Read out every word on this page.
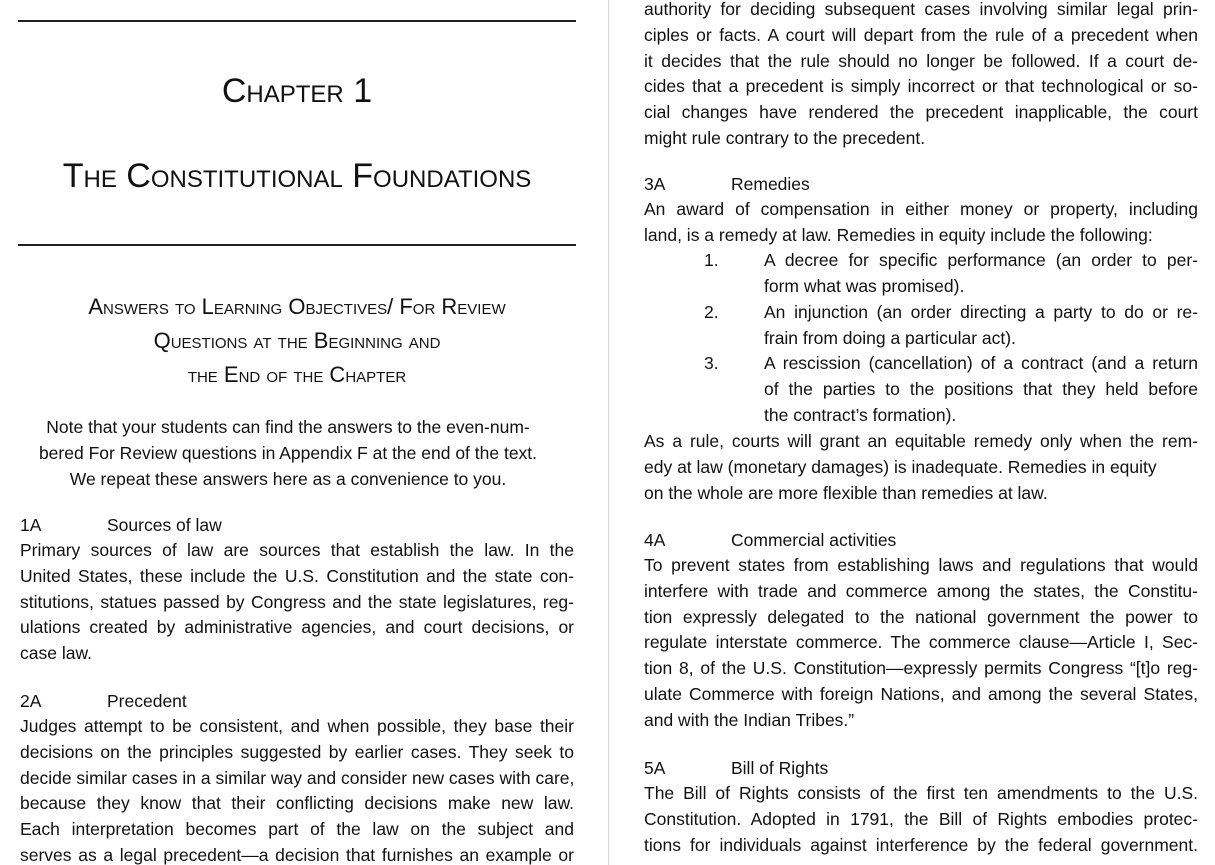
Chapter 1
The Constitutional Foundations
Answers to Learning Objectives/ For Review
Questions at the Beginning and
the End of the Chapter
Note that your students can find the answers to the even-num-
bered For Review questions in Appendix F at the end of the text.
We repeat these answers here as a convenience to you.
1A	Sources of law
Primary sources of law are sources that establish the law. In the
United States, these include the U.S. Constitution and the state con-
stitutions, statues passed by Congress and the state legislatures, reg-
ulations created by administrative agencies, and court decisions, or
case law.
2A	Precedent
Judges attempt to be consistent, and when possible, they base their
decisions on the principles suggested by earlier cases. They seek to
decide similar cases in a similar way and consider new cases with care,
because they know that their conflicting decisions make new law.
Each interpretation becomes part of the law on the subject and
serves as a legal precedent—a decision that furnishes an example or
authority for deciding subsequent cases involving similar legal prin-
ciples or facts. A court will depart from the rule of a precedent when
it decides that the rule should no longer be followed. If a court de-
cides that a precedent is simply incorrect or that technological or so-
cial changes have rendered the precedent inapplicable, the court
might rule contrary to the precedent.
3A	Remedies
An award of compensation in either money or property, including
land, is a remedy at law. Remedies in equity include the following:
1.	A decree for specific performance (an order to per-
form what was promised).
2.	An injunction (an order directing a party to do or re-
frain from doing a particular act).
3.	A rescission (cancellation) of a contract (and a return
of the parties to the positions that they held before
the contract’s formation).
As a rule, courts will grant an equitable remedy only when the rem-
edy at law (monetary damages) is inadequate. Remedies in equity
on the whole are more flexible than remedies at law.
4A	Commercial activities
To prevent states from establishing laws and regulations that would
interfere with trade and commerce among the states, the Constitu-
tion expressly delegated to the national government the power to
regulate interstate commerce. The commerce clause—Article I, Sec-
tion 8, of the U.S. Constitution—expressly permits Congress “[t]o reg-
ulate Commerce with foreign Nations, and among the several States,
and with the Indian Tribes.”
5A	Bill of Rights
The Bill of Rights consists of the first ten amendments to the U.S.
Constitution. Adopted in 1791, the Bill of Rights embodies protec-
tions for individuals against interference by the federal government.
